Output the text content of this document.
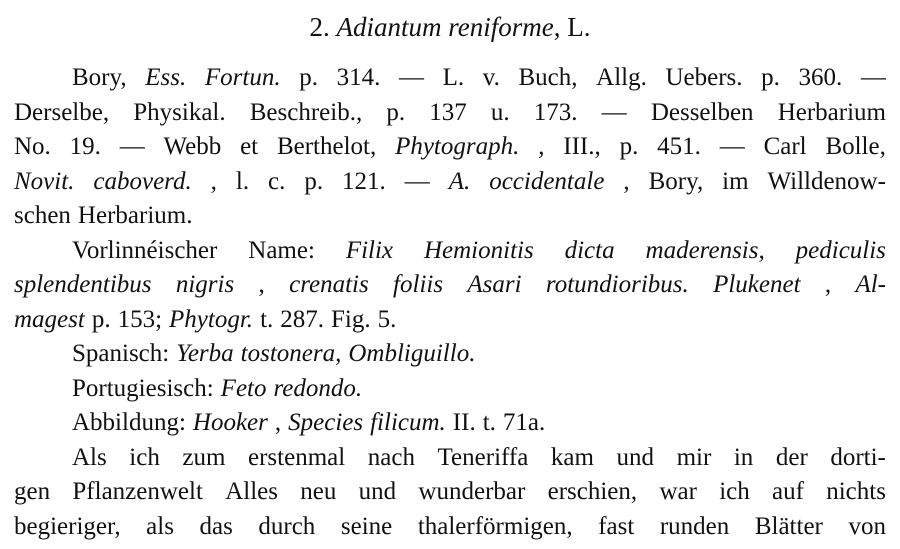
2. Adiantum reniforme, L.
Bory, Ess. Fortun. p. 314. — L. v. Buch, Allg. Uebers. p. 360. —
Derselbe, Physikal. Beschreib., p. 137 u. 173. — Desselben Herbarium
No. 19. — Webb et Berthelot, Phytograph. , III., p. 451. — Carl Bolle,
Novit. caboverd. , l. c. p. 121. — A. occidentale , Bory, im Willdenow-
schen Herbarium.
Vorlinnéischer Name: Filix Hemionitis dicta maderensis, pediculis
splendentibus nigris , crenatis foliis Asari rotundioribus. Plukenet , Al-
magest p. 153; Phytogr. t. 287. Fig. 5.
Spanisch: Yerba tostonera, Ombliguillo.
Portugiesisch: Feto redondo.
Abbildung: Hooker , Species filicum. II. t. 71a.
Als ich zum erstenmal nach Teneriffa kam und mir in der dorti-
gen Pflanzenwelt Alles neu und wunderbar erschien, war ich auf nichts
begieriger, als das durch seine thalerförmigen, fast runden Blätter von
